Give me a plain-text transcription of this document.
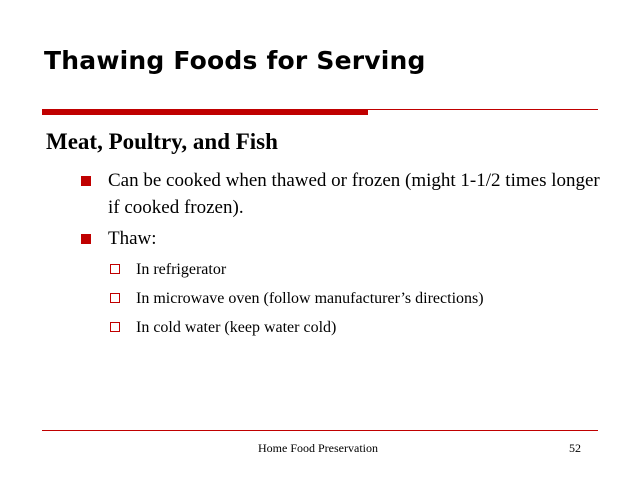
Thawing Foods for Serving
Meat, Poultry, and Fish
Can be cooked when thawed or frozen (might 1-1/2 times longer if cooked frozen).
Thaw:
In refrigerator
In microwave oven (follow manufacturer’s directions)
In cold water (keep water cold)
Home Food Preservation	52
